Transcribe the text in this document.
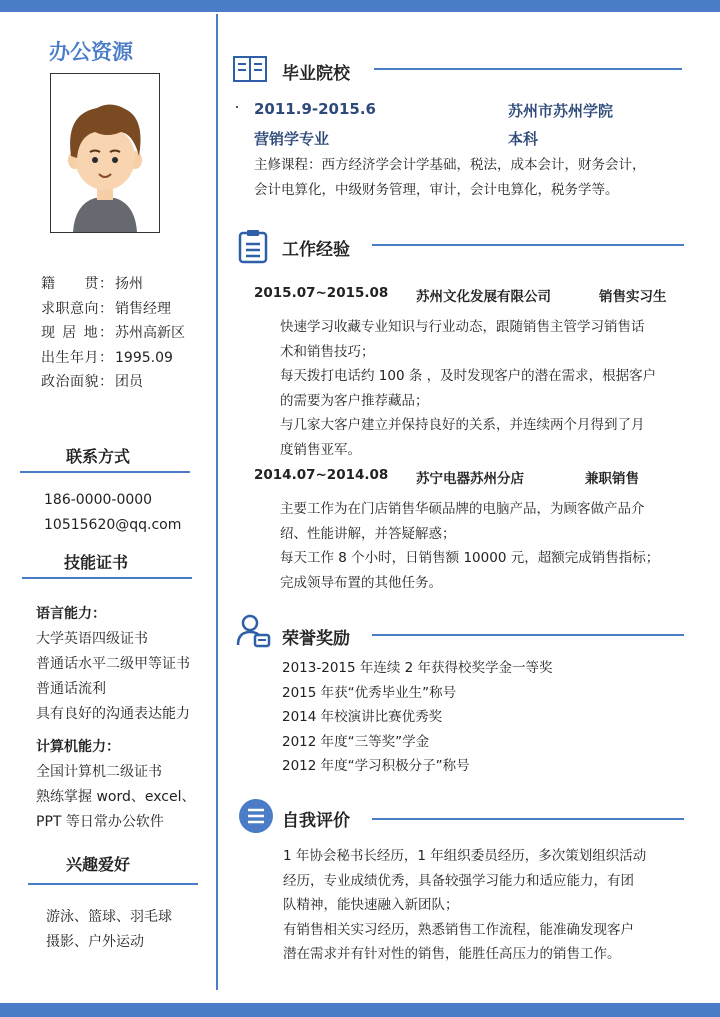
办公资源
籍　　贯： 扬州
求职意向： 销售经理
现 居 地： 苏州高新区
出生年月： 1995.09
政治面貌： 团员
联系方式
186-0000-0000
10515620@qq.com
技能证书
语言能力：
大学英语四级证书
普通话水平二级甲等证书
普通话流利
具有良好的沟通表达能力
计算机能力：
全国计算机二级证书
熟练掌握 word、excel、
PPT 等日常办公软件
兴趣爱好
游泳、篮球、羽毛球
摄影、户外运动
毕业院校
2011.9-2015.6	苏州市苏州学院
营销学专业	本科
主修课程：西方经济学会计学基础，税法，成本会计，财务会计，
会计电算化，中级财务管理，审计，会计电算化，税务学等。
工作经验
2015.07~2015.08 苏州文化发展有限公司	销售实习生
快速学习收藏专业知识与行业动态，跟随销售主管学习销售话
术和销售技巧；
每天拨打电话约 100 条 ，及时发现客户的潜在需求，根据客户
的需要为客户推荐藏品；
与几家大客户建立并保持良好的关系，并连续两个月得到了月
度销售亚军。
2014.07~2014.08 苏宁电器苏州分店	兼职销售
主要工作为在门店销售华硕品牌的电脑产品，为顾客做产品介
绍、性能讲解，并答疑解惑；
每天工作 8 个小时，日销售额 10000 元，超额完成销售指标；
完成领导布置的其他任务。
荣誉奖励
2013-2015 年连续 2 年获得校奖学金一等奖
2015 年获“优秀毕业生”称号
2014 年校演讲比赛优秀奖
2012 年度“三等奖”学金
2012 年度“学习积极分子”称号
自我评价
1 年协会秘书长经历，1 年组织委员经历，多次策划组织活动
经历，专业成绩优秀，具备较强学习能力和适应能力，有团
队精神，能快速融入新团队；
有销售相关实习经历，熟悉销售工作流程，能准确发现客户
潜在需求并有针对性的销售，能胜任高压力的销售工作。
